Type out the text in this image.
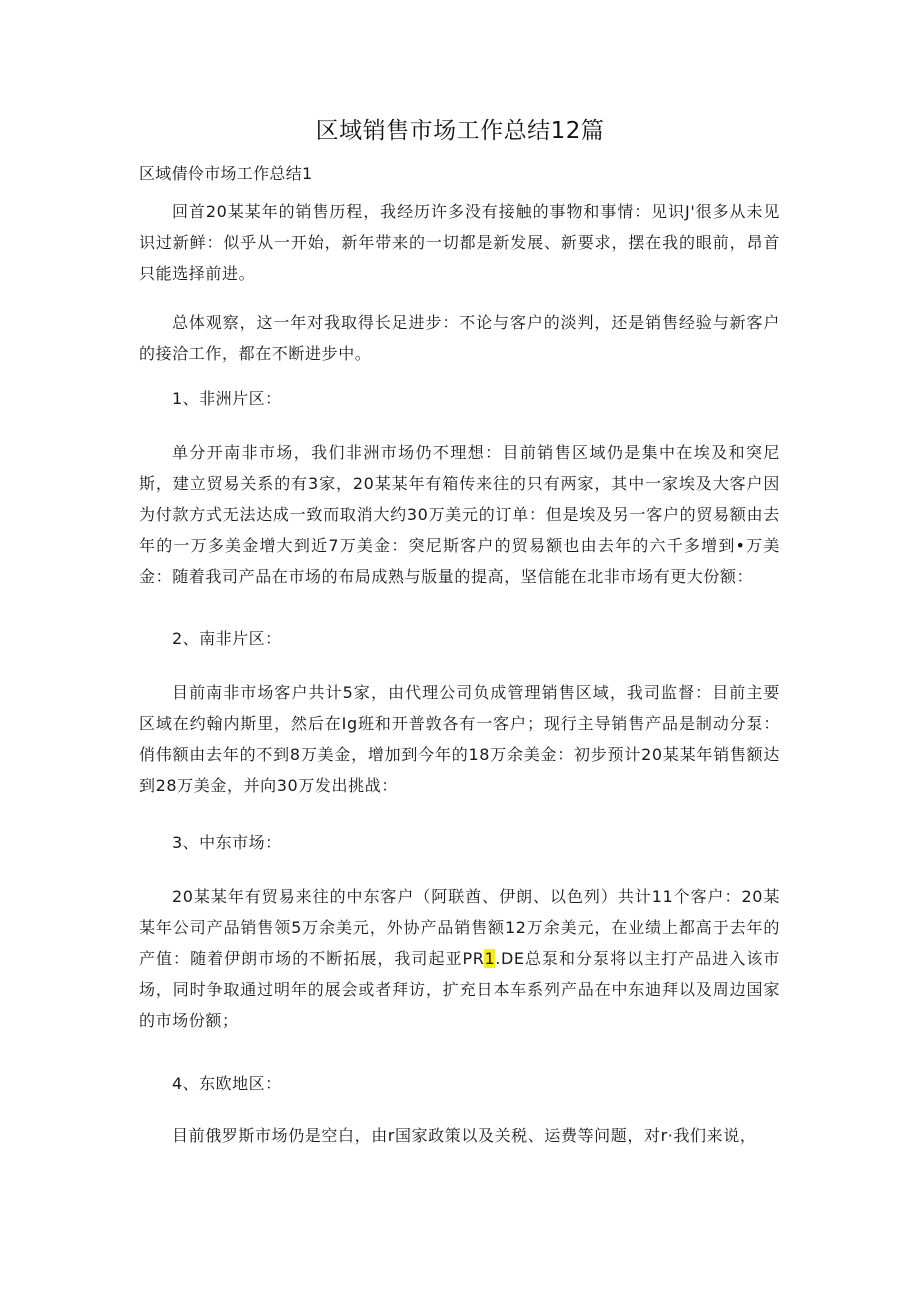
区域销售市场工作总结12篇
区域倩伶市场工作总结1
回首20某某年的销售历程，我经历许多没有接触的事物和事情：见识J'很多从未见识过新鲜：似乎从一开始，新年带来的一切都是新发展、新要求，摆在我的眼前，昂首只能选择前进。
总体观察，这一年对我取得长足进步：不论与客户的淡判，还是销售经验与新客户的接洽工作，都在不断进步中。
1、非洲片区：
单分开南非市场，我们非洲市场仍不理想：目前销售区域仍是集中在埃及和突尼斯，建立贸易关系的有3家，20某某年有箱传来往的只有两家，其中一家埃及大客户因为付款方式无法达成一致而取消大约30万美元的订单：但是埃及另一客户的贸易额由去年的一万多美金增大到近7万美金：突尼斯客户的贸易额也由去年的六千多增到•万美金：随着我司产品在市场的布局成熟与版量的提高，坚信能在北非市场有更大份额：
2、南非片区：
目前南非市场客户共计5家，由代理公司负成管理销售区域，我司监督：目前主要区域在约翰内斯里，然后在Ig班和开普敦各有一客户；现行主导销售产品是制动分泵：俏伟额由去年的不到8万美金，增加到今年的18万余美金：初步预计20某某年销售额达到28万美金，并向30万发出挑战：
3、中东市场：
20某某年有贸易来往的中东客户（阿联酋、伊朗、以色列）共计11个客户：20某某年公司产品销售领5万余美元，外协产品销售额12万余美元，在业绩上都高于去年的产值：随着伊朗市场的不断拓展，我司起亚PR1.DE总泵和分泵将以主打产品进入该市场，同时争取通过明年的展会或者拜访，扩充日本车系列产品在中东迪拜以及周边国家的市场份额；
4、东欧地区：
目前俄罗斯市场仍是空白，由r国家政策以及关税、运费等问题，对r·我们来说，
